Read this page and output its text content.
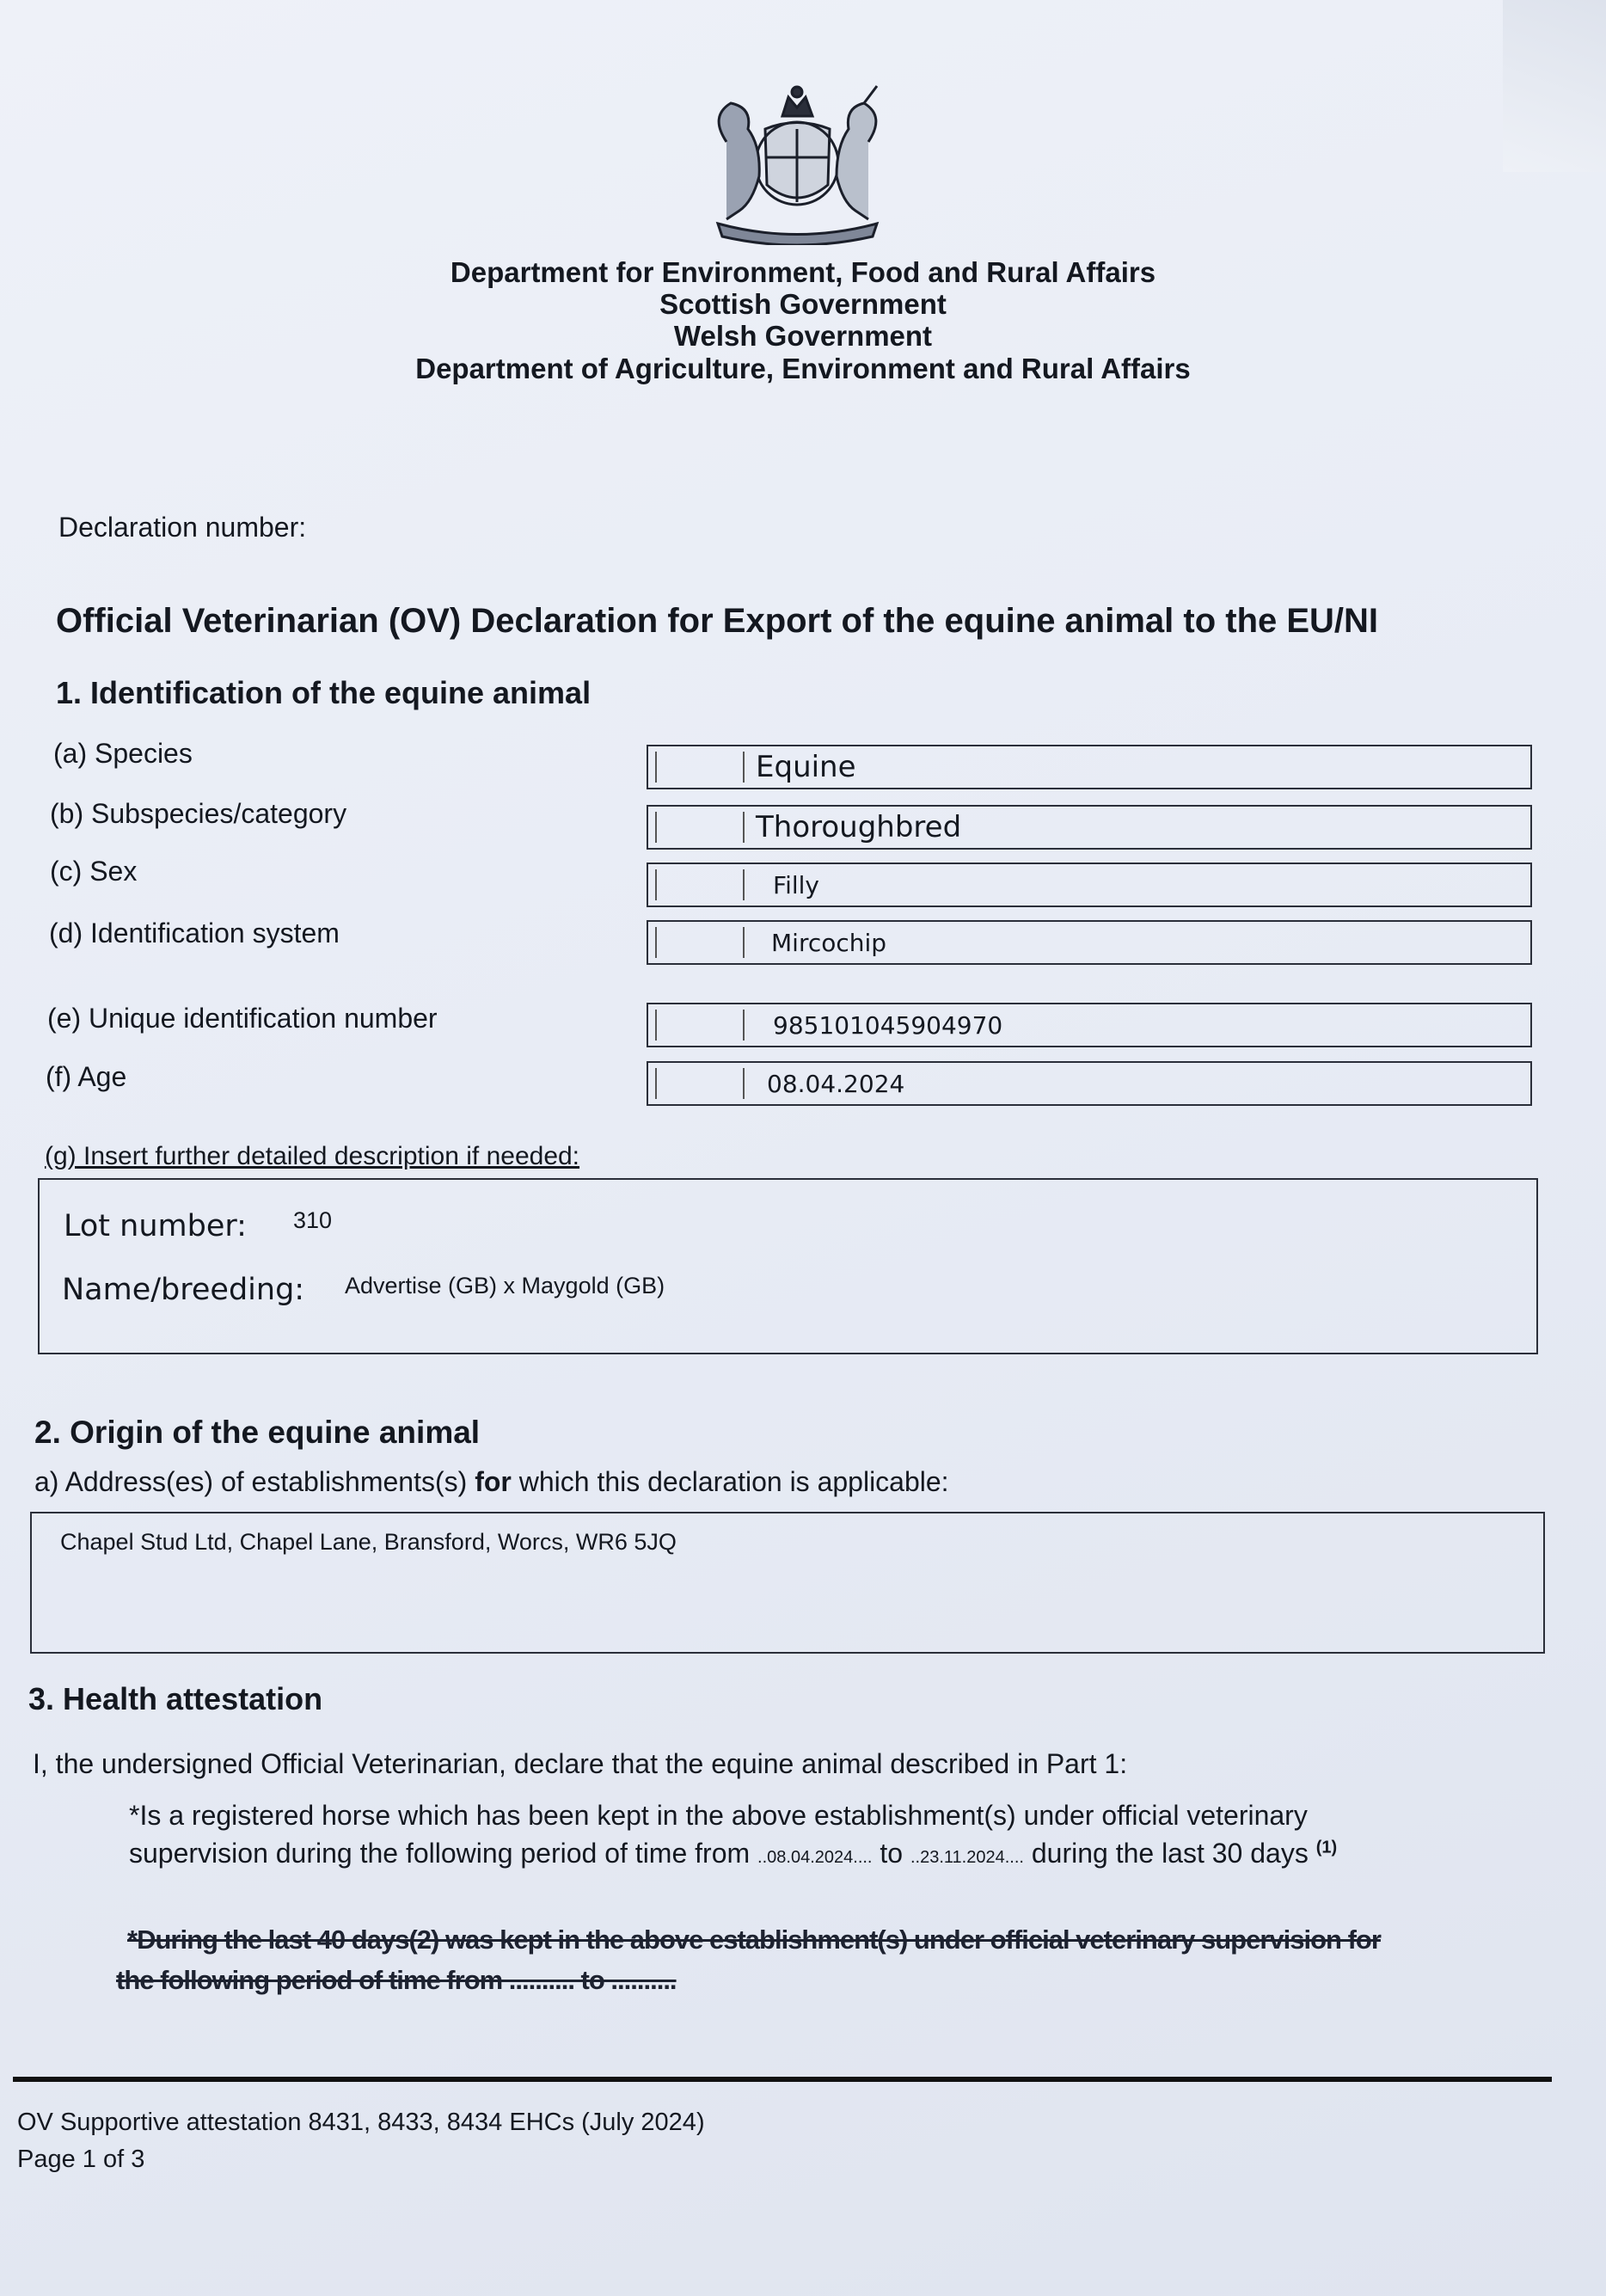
Department for Environment, Food and Rural Affairs
Scottish Government
Welsh Government
Department of Agriculture, Environment and Rural Affairs
Declaration number:
Official Veterinarian (OV) Declaration for Export of the equine animal to the EU/NI
1. Identification of the equine animal
(a) Species	Equine
(b) Subspecies/category	Thoroughbred
(c) Sex	Filly
(d) Identification system	Mircochip
(e) Unique identification number	985101045904970
(f) Age	08.04.2024
(g) Insert further detailed description if needed:
Lot number: 310
Name/breeding: Advertise (GB) x Maygold (GB)
2. Origin of the equine animal
a) Address(es) of establishments(s) for which this declaration is applicable:
Chapel Stud Ltd, Chapel Lane, Bransford, Worcs, WR6 5JQ
3. Health attestation
I, the undersigned Official Veterinarian, declare that the equine animal described in Part 1:
*Is a registered horse which has been kept in the above establishment(s) under official veterinary
supervision during the following period of time from ..08.04.2024.... to ..23.11.2024.... during the last 30 days $^{(1)}$
*During the last 40 days(2) was kept in the above establishment(s) under official veterinary supervision for
the following period of time from .......... to ..........
OV Supportive attestation 8431, 8433, 8434 EHCs (July 2024)
Page 1 of 3
